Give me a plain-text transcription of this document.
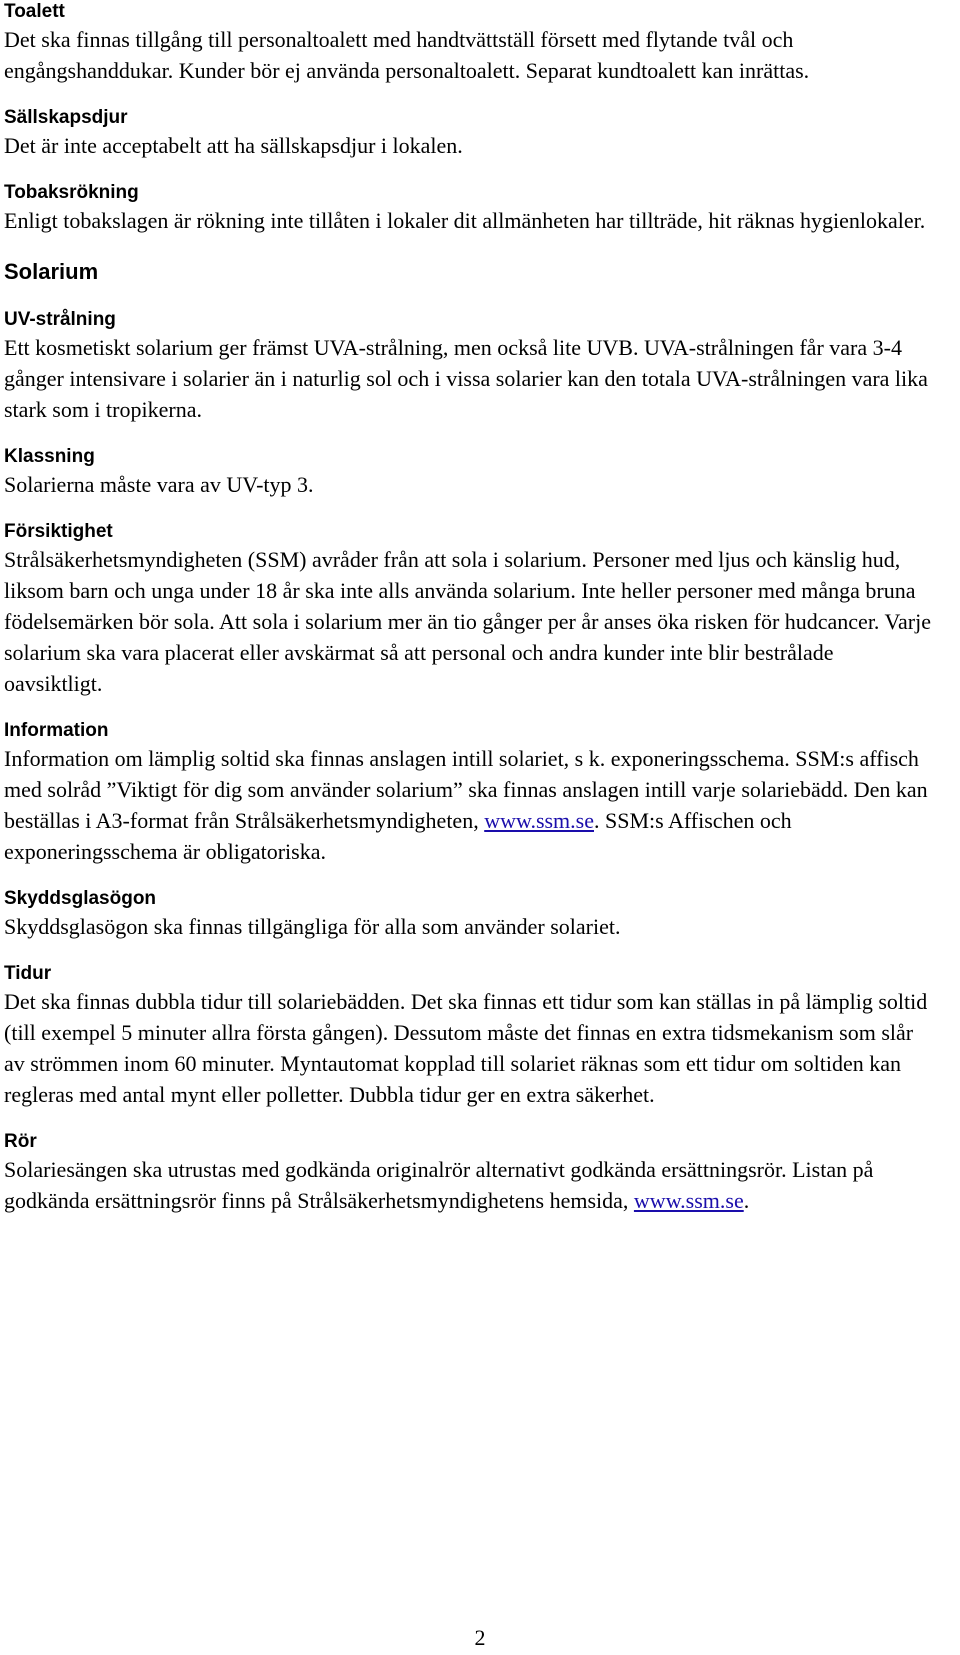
Toalett

Det ska finnas tillgång till personaltoalett med handtvättställ försett med flytande tvål och engångshanddukar. Kunder bör ej använda personaltoalett. Separat kundtoalett kan inrättas.

Sällskapsdjur

Det är inte acceptabelt att ha sällskapsdjur i lokalen.

Tobaksrökning

Enligt tobakslagen är rökning inte tillåten i lokaler dit allmänheten har tillträde, hit räknas hygienlokaler.

Solarium
UV-strålning

Ett kosmetiskt solarium ger främst UVA-strålning, men också lite UVB. UVA-strålningen får vara 3-4 gånger intensivare i solarier än i naturlig sol och i vissa solarier kan den totala UVA-strålningen vara lika stark som i tropikerna.

Klassning

Solarierna måste vara av UV-typ 3.

Försiktighet

Strålsäkerhetsmyndigheten (SSM) avråder från att sola i solarium. Personer med ljus och känslig hud, liksom barn och unga under 18 år ska inte alls använda solarium. Inte heller personer med många bruna födelsemärken bör sola. Att sola i solarium mer än tio gånger per år anses öka risken för hudcancer. Varje solarium ska vara placerat eller avskärmat så att personal och andra kunder inte blir bestrålade oavsiktligt.

Information

Information om lämplig soltid ska finnas anslagen intill solariet, s k. exponeringsschema. SSM:s affisch med solråd ”Viktigt för dig som använder solarium” ska finnas anslagen intill varje solariebädd. Den kan beställas i A3-format från Strålsäkerhetsmyndigheten, www.ssm.se. SSM:s Affischen och exponeringsschema är obligatoriska.

Skyddsglasögon

Skyddsglasögon ska finnas tillgängliga för alla som använder solariet.

Tidur

Det ska finnas dubbla tidur till solariebädden. Det ska finnas ett tidur som kan ställas in på lämplig soltid (till exempel 5 minuter allra första gången). Dessutom måste det finnas en extra tidsmekanism som slår av strömmen inom 60 minuter. Myntautomat kopplad till solariet räknas som ett tidur om soltiden kan regleras med antal mynt eller polletter. Dubbla tidur ger en extra säkerhet.

Rör

Solariesängen ska utrustas med godkända originalrör alternativt godkända ersättningsrör. Listan på godkända ersättningsrör finns på Strålsäkerhetsmyndighetens hemsida, www.ssm.se.

2
